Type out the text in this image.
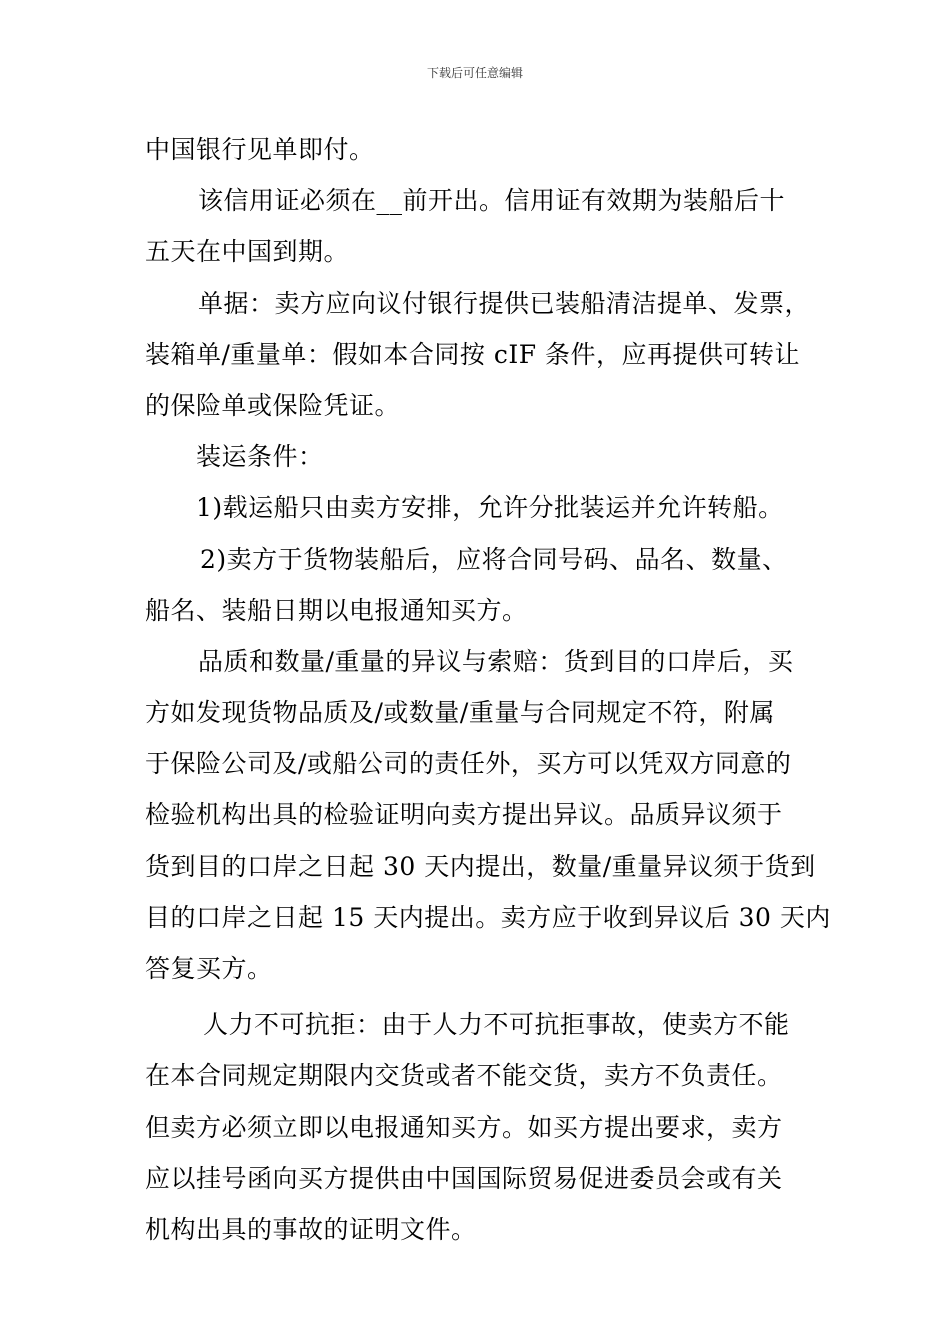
下载后可任意编辑
中国银行见单即付。
该信用证必须在__前开出。信用证有效期为装船后十
五天在中国到期。
单据：卖方应向议付银行提供已装船清洁提单、发票，
装箱单/重量单：假如本合同按 cIF 条件，应再提供可转让
的保险单或保险凭证。
装运条件：
1)载运船只由卖方安排，允许分批装运并允许转船。
2)卖方于货物装船后，应将合同号码、品名、数量、
船名、装船日期以电报通知买方。
品质和数量/重量的异议与索赔：货到目的口岸后，买
方如发现货物品质及/或数量/重量与合同规定不符，附属
于保险公司及/或船公司的责任外，买方可以凭双方同意的
检验机构出具的检验证明向卖方提出异议。品质异议须于
货到目的口岸之日起 30 天内提出，数量/重量异议须于货到
目的口岸之日起 15 天内提出。卖方应于收到异议后 30 天内
答复买方。
人力不可抗拒：由于人力不可抗拒事故，使卖方不能
在本合同规定期限内交货或者不能交货，卖方不负责任。
但卖方必须立即以电报通知买方。如买方提出要求，卖方
应以挂号函向买方提供由中国国际贸易促进委员会或有关
机构出具的事故的证明文件。
